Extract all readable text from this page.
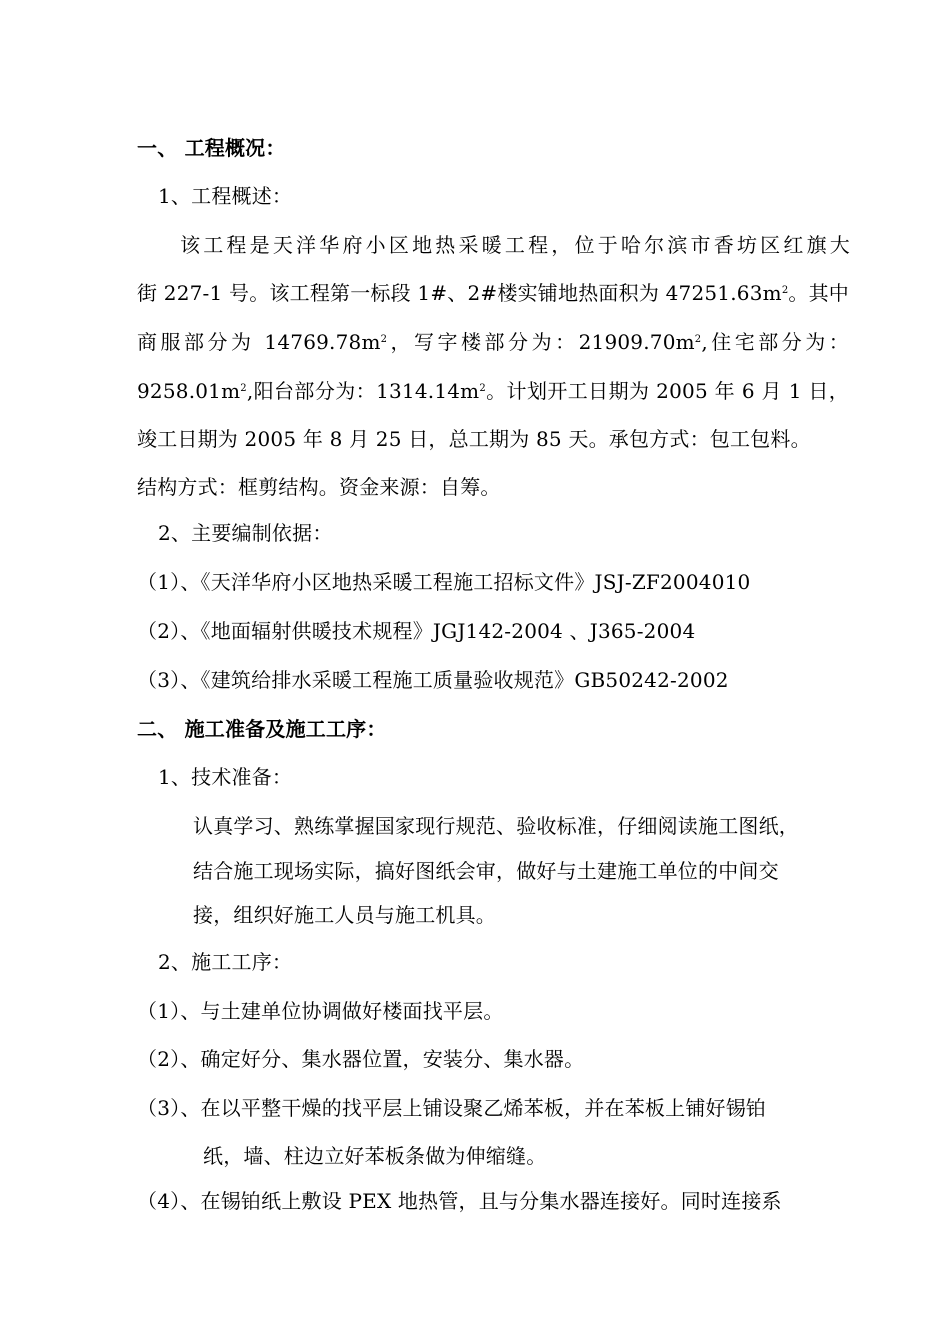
一、 工程概况：
1、工程概述：
该工程是天洋华府小区地热采暖工程，位于哈尔滨市香坊区红旗大
街 227-1 号。该工程第一标段 1#、2#楼实铺地热面积为 $47251.63m^2$。其中
商服部分为 $14769.78m^2$，写字楼部分为：$21909.70m^2$,住宅部分为：
$9258.01m^2$,阳台部分为：$1314.14m^2$。计划开工日期为 2005 年 6 月 1 日，
竣工日期为 2005 年 8 月 25 日，总工期为 85 天。承包方式：包工包料。
结构方式：框剪结构。资金来源：自筹。
2、主要编制依据：
（1）、《天洋华府小区地热采暖工程施工招标文件》JSJ-ZF2004010
（2）、《地面辐射供暖技术规程》JGJ142-2004 、J365-2004
（3）、《建筑给排水采暖工程施工质量验收规范》GB50242-2002
二、 施工准备及施工工序：
1、技术准备：
认真学习、熟练掌握国家现行规范、验收标准，仔细阅读施工图纸，
结合施工现场实际，搞好图纸会审，做好与土建施工单位的中间交
接，组织好施工人员与施工机具。
2、施工工序：
（1）、与土建单位协调做好楼面找平层。
（2）、确定好分、集水器位置，安装分、集水器。
（3）、在以平整干燥的找平层上铺设聚乙烯苯板，并在苯板上铺好锡铂
纸，墙、柱边立好苯板条做为伸缩缝。
（4）、在锡铂纸上敷设 PEX 地热管，且与分集水器连接好。同时连接系
